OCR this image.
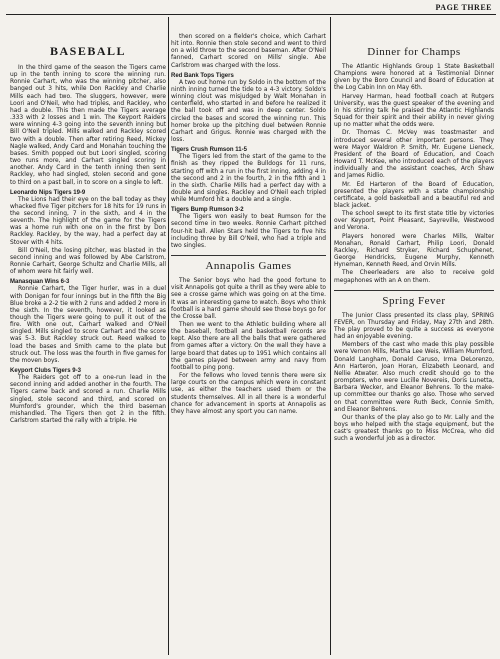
PAGE THREE
BASEBALL

In the third game of the season the Tigers came up in the tenth inning to score the winning run. Ronnie Carhart, who was the winning pitcher, also banged out 3 hits, while Don Rackley and Charlie Mills each had two. The sluggers, however, were Loori and O'Neil, who had triples, and Rackley, who had a double. This then made the Tigers average .333 with 2 losses and 1 win. The Keyport Raiders were winning 4-3 going into the seventh inning but Bill O'Neil tripled. Mills walked and Rackley scored two with a double. Then after retiring Reed, Mickey Nagle walked, Andy Card and Monahan touching the bases. Smith popped out but Loori singled, scoring two runs more, and Carhart singled scoring in another. Andy Card in the tenth inning then sent Rackley, who had singled, stolen second and gone to third on a past ball, in to score on a single to left.

Leonardo Nips Tigers 19-9

The Lions had their eye on the ball today as they whacked five Tiger pitchers for 18 hits for 19 runs in the second inning, 7 in the sixth, and 4 in the seventh. The highlight of the game for the Tigers was a home run with one on in the first by Don Rackley. Rackley, by the way, had a perfect day at Stover with 4 hits.

Bill O'Neil, the losing pitcher, was blasted in the second inning and was followed by Abe Carlstrom, Ronnie Carhart, George Schultz and Charlie Mills, all of whom were hit fairly well.

Manasquan Wins 6-3

Ronnie Carhart, the Tiger hurler, was in a duel with Donigan for four innings but in the fifth the Big Blue broke a 2-2 tie with 2 runs and added 2 more in the sixth. In the seventh, however, it looked as though the Tigers were going to pull it out of the fire. With one out, Carhart walked and O'Neil singled. Mills singled to score Carhart and the score was 5-3. But Rackley struck out. Reed walked to load the bases and Smith came to the plate but struck out. The loss was the fourth in five games for the moven boys.

Keyport Clubs Tigers 9-3

The Raiders got off to a one-run lead in the second inning and added another in the fourth. The Tigers came back and scored a run. Charlie Mills singled, stole second and third, and scored on Mumford's grounder, which the third baseman mishandled. The Tigers then got 2 in the fifth. Carlstrom started the rally with a triple. He

then scored on a fielder's choice, which Carhart hit into. Ronnie then stole second and went to third on a wild throw to the second baseman. After O'Neil fanned, Carhart scored on Mills' single. Abe Carlstrom was charged with the loss.

Red Bank Tops Tigers

A two out home run by Soldo in the bottom of the ninth inning turned the tide to a 4-3 victory. Soldo's winning clout was misjudged by Walt Monahan in centerfield, who started in and before he realized it the ball took off and was in deep center. Soldo circled the bases and scored the winning run. This homer broke up the pitching duel between Ronnie Carhart and Grigus. Ronnie was charged with the loss.

Tigers Crush Rumson 11-5

The Tigers led from the start of the game to the finish as they ripped the Bulldogs for 11 runs, starting off with a run in the first inning, adding 4 in the second and 2 in the fourth, 2 in the fifth and 1 in the sixth. Charlie Mills had a perfect day with a double and singles. Rackley and O'Neil each tripled while Mumford hit a double and a single.

Tigers Bump Rumson 3-2

The Tigers won easily to beat Rumson for the second time in two weeks. Ronnie Carhart pitched four-hit ball. Allen Stars held the Tigers to five hits including three by Bill O'Neil, who had a triple and two singles.

Annapolis Games

The Senior boys who had the good fortune to visit Annapolis got quite a thrill as they were able to see a crosse game which was going on at the time. It was an interesting game to watch. Boys who think football is a hard game should see those boys go for the Crosse ball.

Then we went to the Athletic building where all the baseball, football and basketball records are kept. Also there are all the balls that were gathered from games after a victory. On the wall they have a large board that dates up to 1951 which contains all the games played between army and navy from football to ping pong.

For the fellows who loved tennis there were six large courts on the campus which were in constant use, as either the teachers used them or the students themselves. All in all there is a wonderful chance for advancement in sports at Annapolis as they have almost any sport you can name.

Dinner for Champs

The Atlantic Highlands Group 1 State Basketball Champions were honored at a Testimonial Dinner given by the Boro Council and Board of Education at the Log Cabin Inn on May 6th.

Harvey Harman, head football coach at Rutgers University, was the guest speaker of the evening and in his stirring talk he praised the Atlantic Highlands Squad for their spirit and their ability in never giving up no matter what the odds were.

Dr. Thomas C. McVey was toastmaster and introduced several other important persons. They were Mayor Waldron P. Smith, Mr. Eugene Lieneck, President of the Board of Education, and Coach Howard T. McKee, who introduced each of the players individually and the assistant coaches, Arch Shaw and James Ridlio.

Mr. Ed Harteron of the Board of Education, presented the players with a state championship certificate, a gold basketball and a beautiful red and black jacket.

The school swept to its first state title by victories over Keyport, Point Pleasant, Sayreville, Westwood and Verona.

Players honored were Charles Mills, Walter Monahan, Ronald Carhart, Philip Loori, Donald Rackley, Richard Stryker, Richard Schuphenet, George Hendricks, Eugene Murphy, Kenneth Hyneman, Kenneth Reed, and Orvin Mills.

The Cheerleaders are also to receive gold megaphones with an A on them.

Spring Fever

The Junior Class presented its class play, SPRING FEVER, on Thursday and Friday, May 27th and 28th. The play proved to be quite a success as everyone had an enjoyable evening.

Members of the cast who made this play possible were Vernon Mills, Martha Lee Weis, William Mumford, Donald Langham, Donald Caruso, Irma DeLorenzo, Ann Harteron, Joan Horan, Elizabeth Leonard, and Nellie Atwater. Also much credit should go to the prompters, who were Lucille Novereis, Doris Lunetta, Barbara Wecker, and Eleanor Behrens. To the make-up committee our thanks go also. Those who served on that committee were Ruth Beck, Connie Smith, and Eleanor Behrens.

Our thanks of the play also go to Mr. Lally and the boys who helped with the stage equipment, but the cast's greatest thanks go to Miss McCrea, who did such a wonderful job as a director.
